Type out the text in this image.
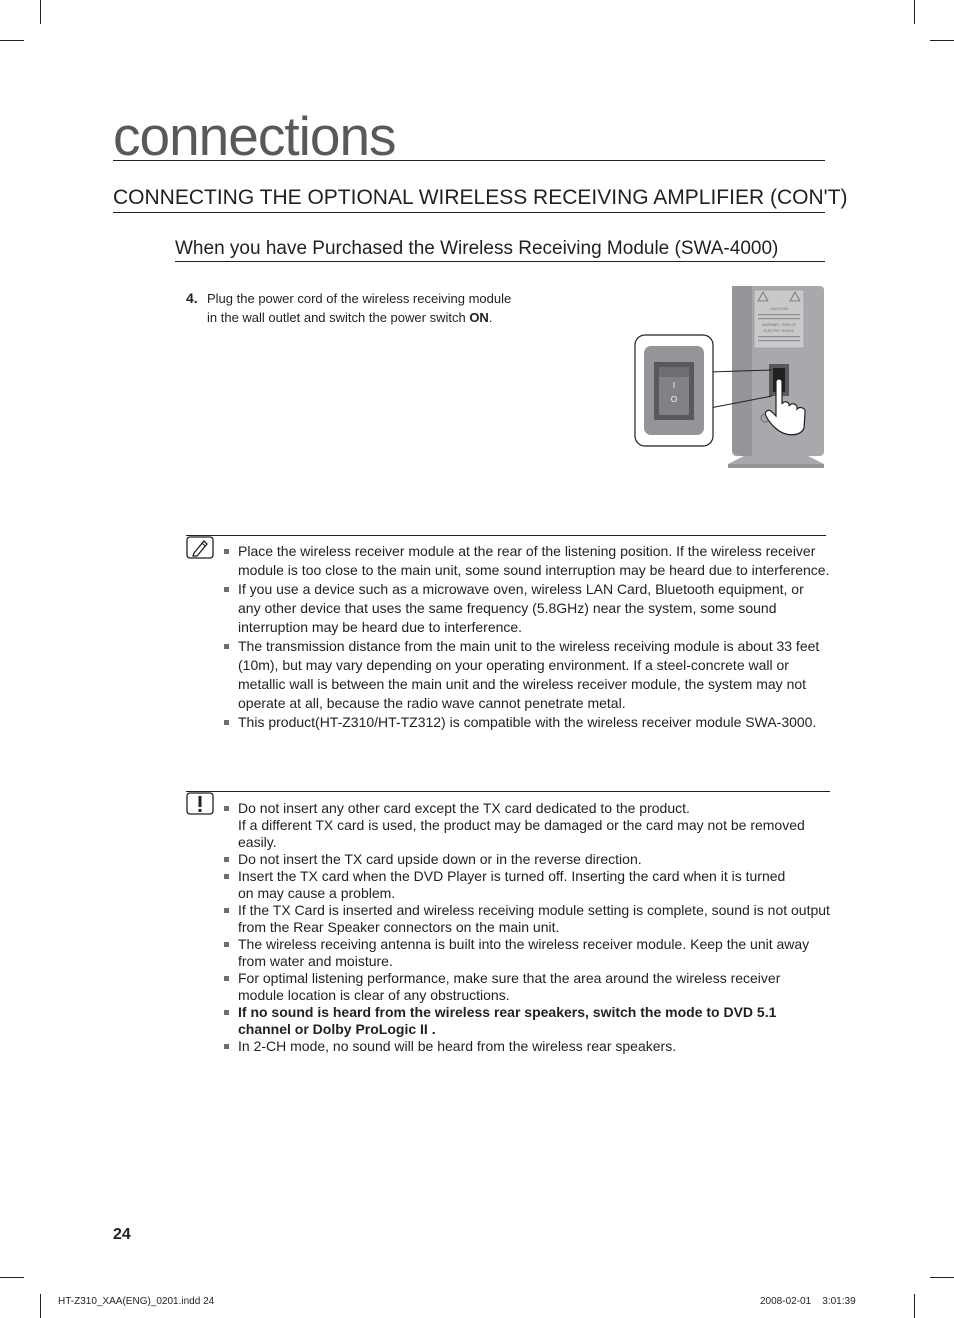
connections
CONNECTING THE OPTIONAL WIRELESS RECEIVING AMPLIFIER (CON'T)
When you have Purchased the Wireless Receiving Module (SWA-4000)
4. Plug the power cord of the wireless receiving module
in the wall outlet and switch the power switch ON.
CAUTION
WARNING - RISK OF
ELECTRIC SHOCK
I
O
Place the wireless receiver module at the rear of the listening position. If the wireless receiver module is too close to the main unit, some sound interruption may be heard due to interference.
If you use a device such as a microwave oven, wireless LAN Card, Bluetooth equipment, or any other device that uses the same frequency (5.8GHz) near the system, some sound interruption may be heard due to interference.
The transmission distance from the main unit to the wireless receiving module is about 33 feet (10m), but may vary depending on your operating environment. If a steel-concrete wall or metallic wall is between the main unit and the wireless receiver module, the system may not operate at all, because the radio wave cannot penetrate metal.
This product(HT-Z310/HT-TZ312) is compatible with the wireless receiver module SWA-3000.
Do not insert any other card except the TX card dedicated to the product.
If a different TX card is used, the product may be damaged or the card may not be removed easily.
Do not insert the TX card upside down or in the reverse direction.
Insert the TX card when the DVD Player is turned off. Inserting the card when it is turned
on may cause a problem.
If the TX Card is inserted and wireless receiving module setting is complete, sound is not output from the Rear Speaker connectors on the main unit.
The wireless receiving antenna is built into the wireless receiver module. Keep the unit away from water and moisture.
For optimal listening performance, make sure that the area around the wireless receiver module location is clear of any obstructions.
If no sound is heard from the wireless rear speakers, switch the mode to DVD 5.1 channel or Dolby ProLogic II .
In 2-CH mode, no sound will be heard from the wireless rear speakers.
24
HT-Z310_XAA(ENG)_0201.indd 24	2008-02-01    3:01:39
